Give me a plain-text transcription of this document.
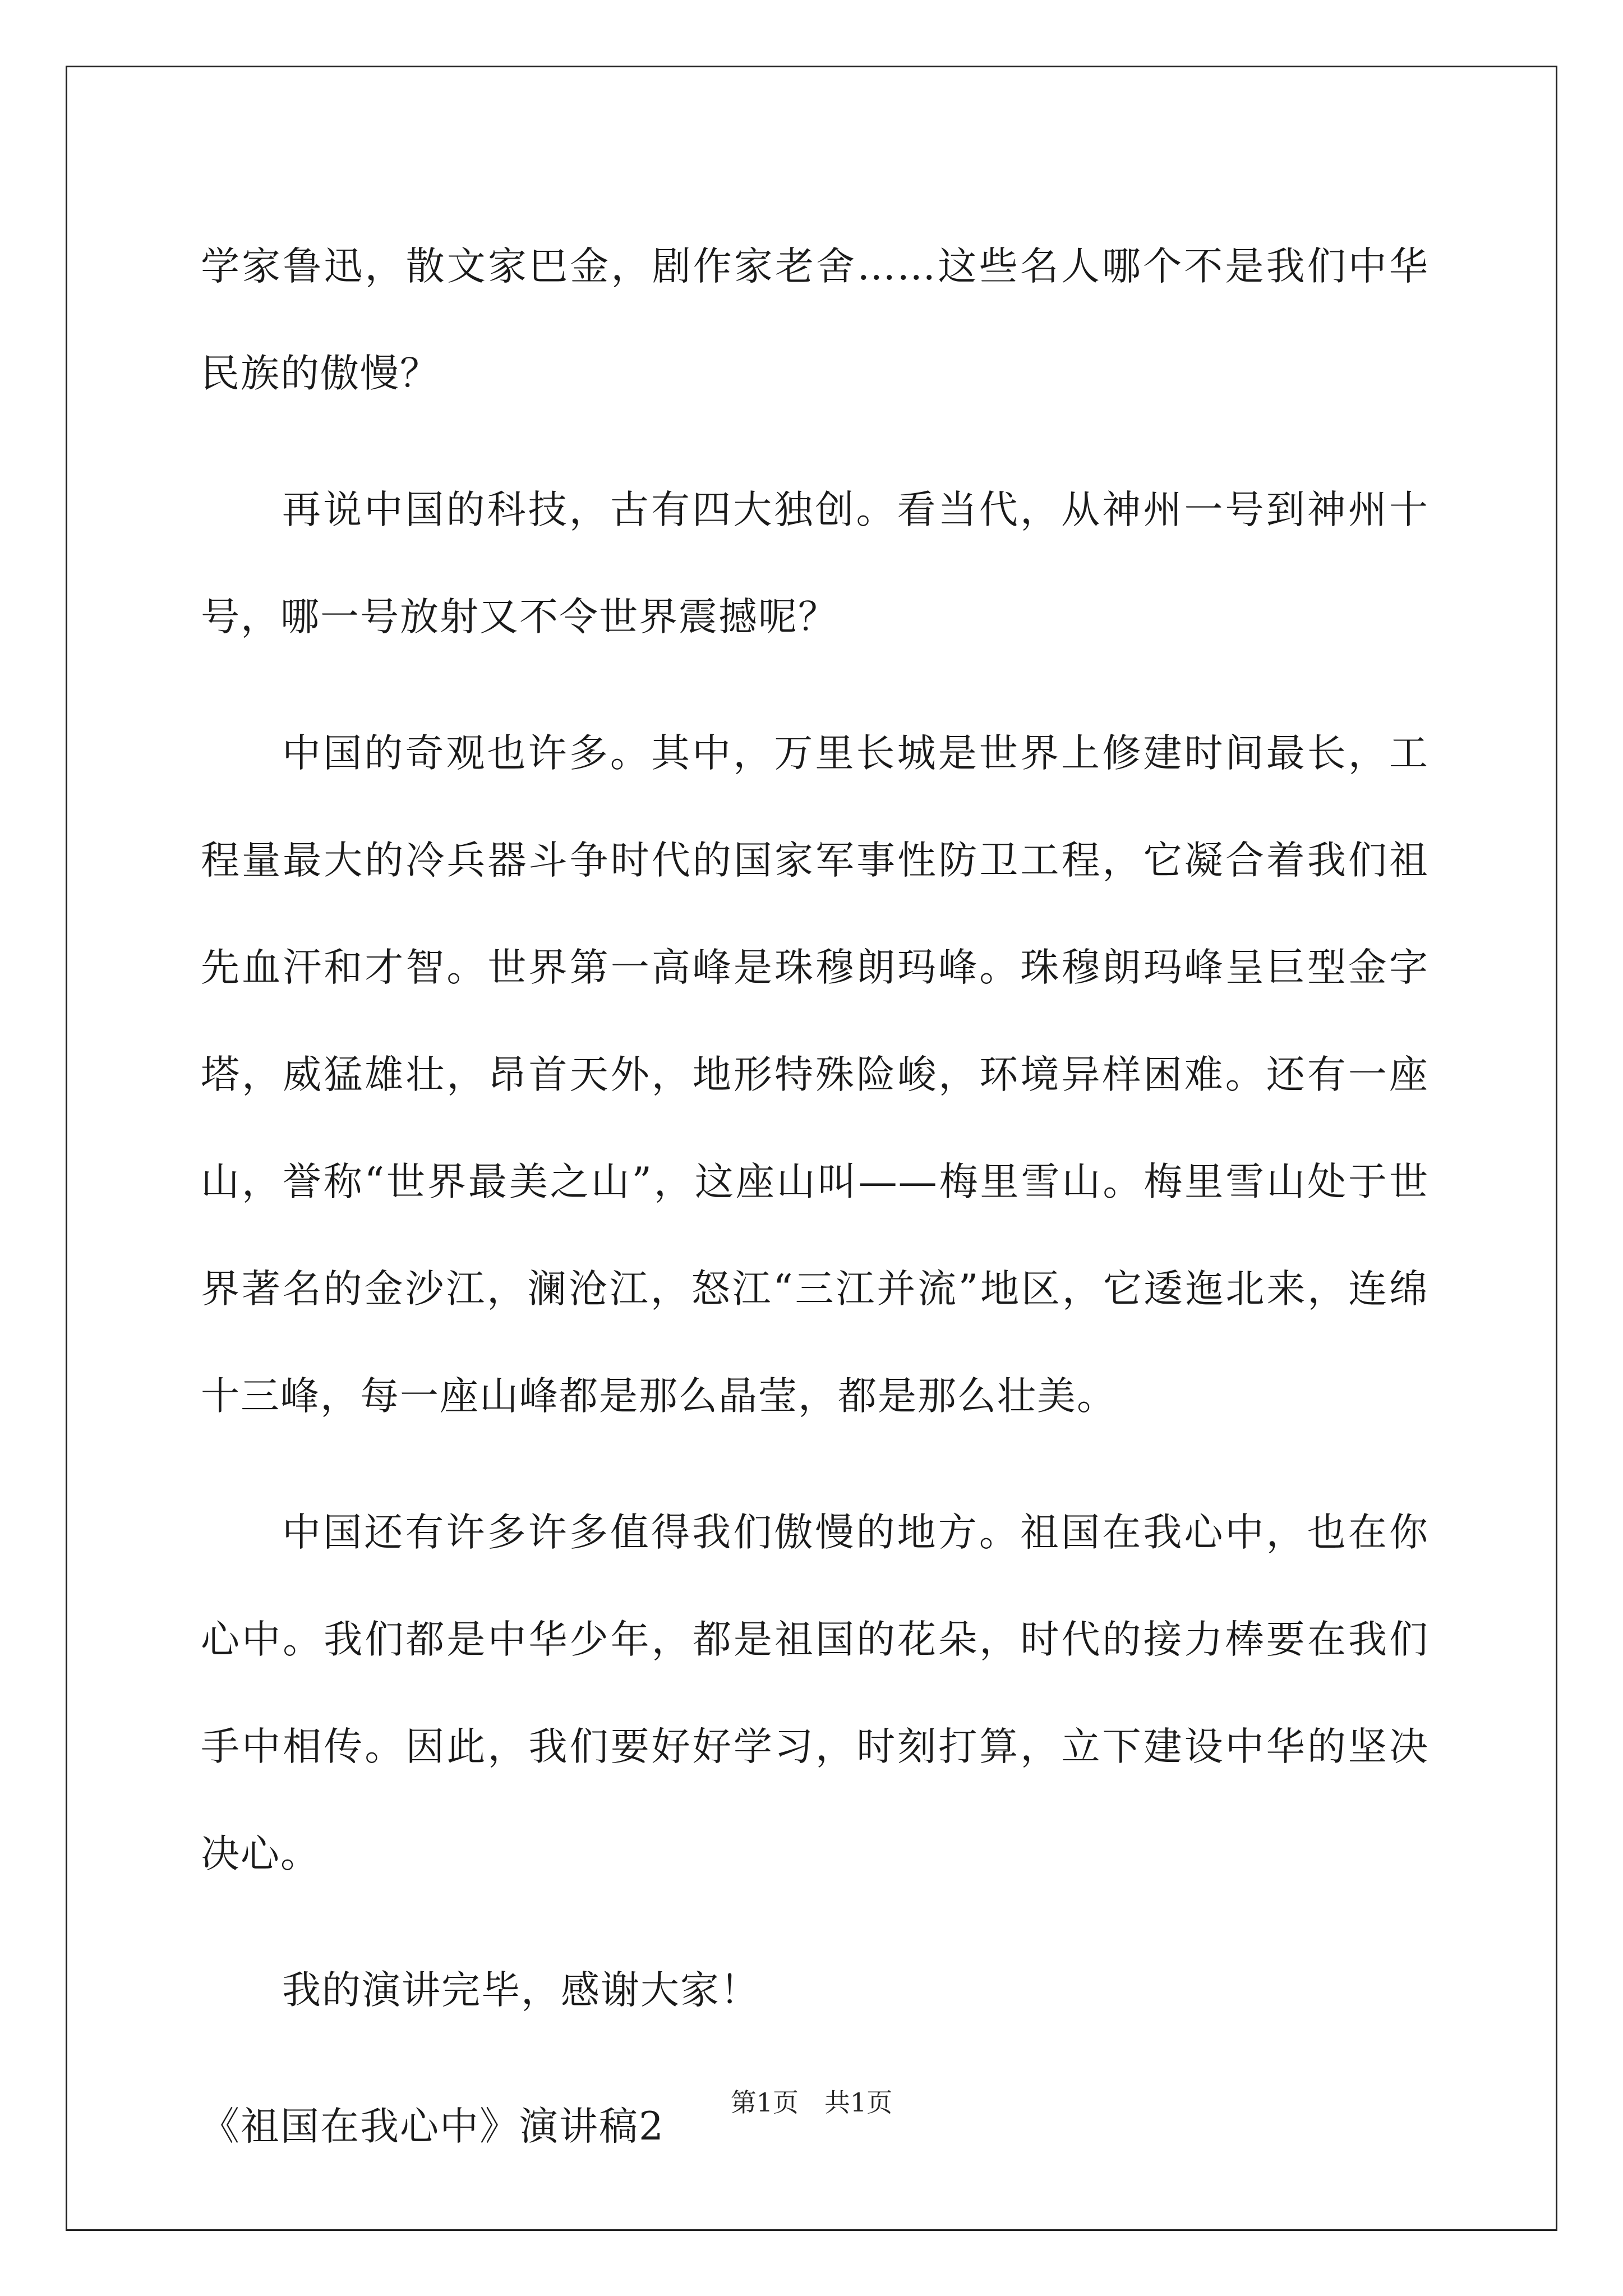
学家鲁迅，散文家巴金，剧作家老舍……这些名人哪个不是我们中华民族的傲慢？

再说中国的科技，古有四大独创。看当代，从神州一号到神州十号，哪一号放射又不令世界震撼呢？

中国的奇观也许多。其中，万里长城是世界上修建时间最长，工程量最大的冷兵器斗争时代的国家军事性防卫工程，它凝合着我们祖先血汗和才智。世界第一高峰是珠穆朗玛峰。珠穆朗玛峰呈巨型金字塔，威猛雄壮，昂首天外，地形特殊险峻，环境异样困难。还有一座山，誉称“世界最美之山”，这座山叫——梅里雪山。梅里雪山处于世界著名的金沙江，澜沧江，怒江“三江并流”地区，它逶迤北来，连绵十三峰，每一座山峰都是那么晶莹，都是那么壮美。

中国还有许多许多值得我们傲慢的地方。祖国在我心中，也在你心中。我们都是中华少年，都是祖国的花朵，时代的接力棒要在我们手中相传。因此，我们要好好学习，时刻打算，立下建设中华的坚决决心。

我的演讲完毕，感谢大家！

《祖国在我心中》演讲稿2

第1页　共1页
